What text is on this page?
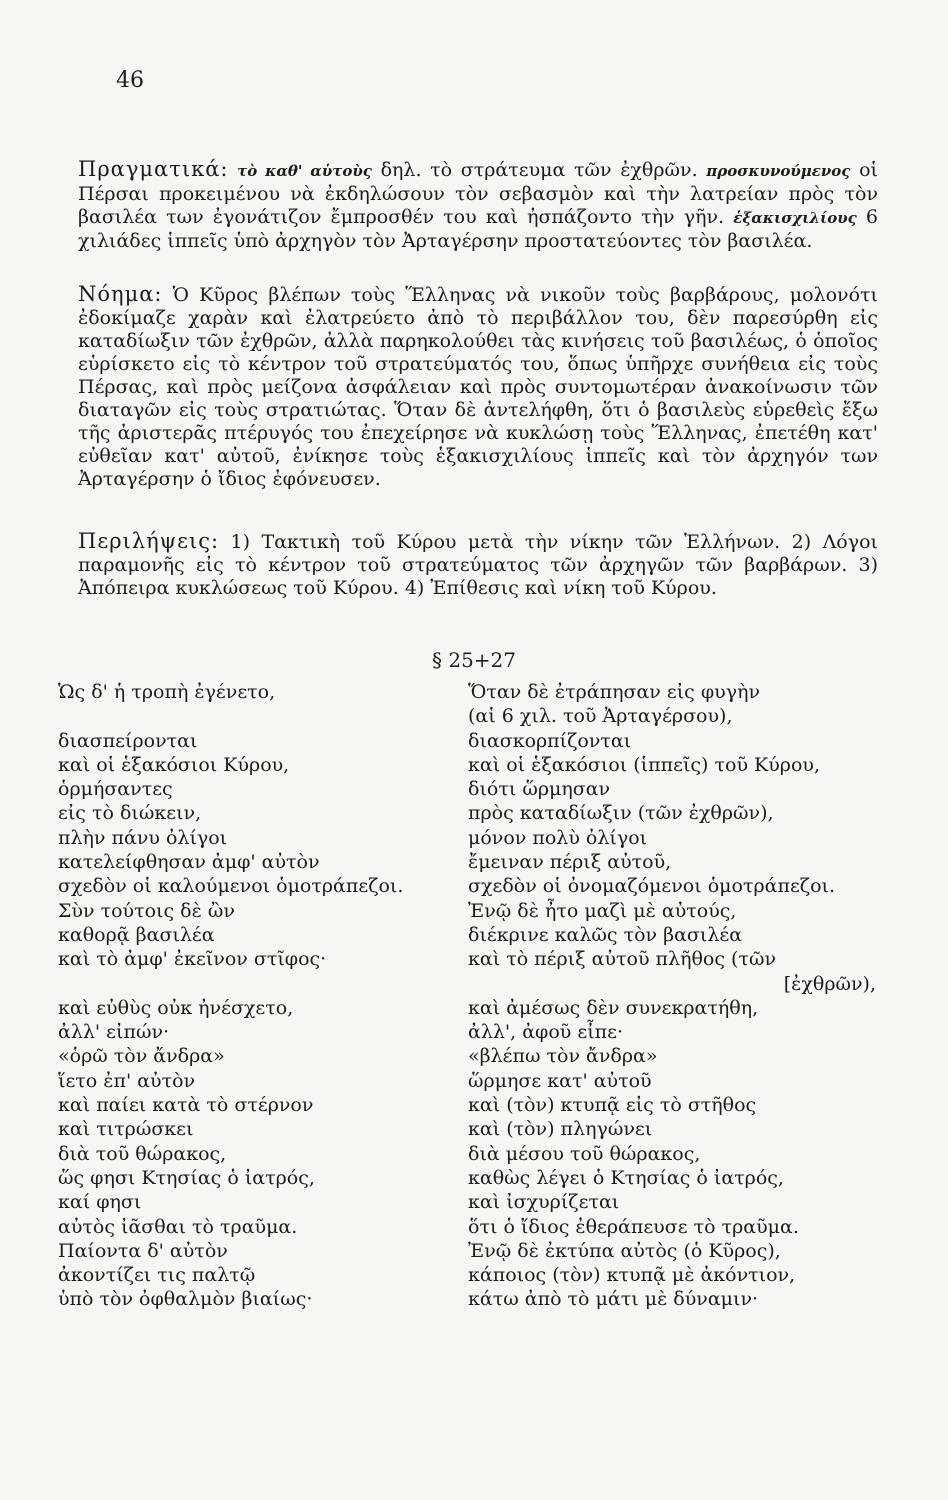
46
Πραγματικά: τὸ καθ' αὑτοὺς δηλ. τὸ στράτευμα τῶν ἐχθρῶν. προσκυνούμενος οἱ Πέρσαι προκειμένου νὰ ἐκδηλώσουν τὸν σεβασμὸν καὶ τὴν λατρείαν πρὸς τὸν βασιλέα των ἐγονάτιζον ἔμπροσθέν του καὶ ἠσπάζοντο τὴν γῆν. ἑξακισχιλίους 6 χιλιάδες ἱππεῖς ὑπὸ ἀρχηγὸν τὸν Ἀρταγέρσην προστατεύοντες τὸν βασιλέα.
Νόημα: Ὁ Κῦρος βλέπων τοὺς Ἕλληνας νὰ νικοῦν τοὺς βαρβάρους, μολονότι ἐδοκίμαζε χαρὰν καὶ ἐλατρεύετο ἀπὸ τὸ περιβάλλον του, δὲν παρεσύρθη εἰς καταδίωξιν τῶν ἐχθρῶν, ἀλλὰ παρηκολούθει τὰς κινήσεις τοῦ βασιλέως, ὁ ὁποῖος εὑρίσκετο εἰς τὸ κέντρον τοῦ στρατεύματός του, ὅπως ὑπῆρχε συνήθεια εἰς τοὺς Πέρσας, καὶ πρὸς μείζονα ἀσφάλειαν καὶ πρὸς συντομωτέραν ἀνακοίνωσιν τῶν διαταγῶν εἰς τοὺς στρατιώτας. Ὅταν δὲ ἀντελήφθη, ὅτι ὁ βασιλεὺς εὑρεθεὶς ἔξω τῆς ἀριστερᾶς πτέρυγός του ἐπεχείρησε νὰ κυκλώσῃ τοὺς Ἕλληνας, ἐπετέθη κατ' εὐθεῖαν κατ' αὐτοῦ, ἐνίκησε τοὺς ἑξακισχιλίους ἱππεῖς καὶ τὸν ἀρχηγόν των Ἀρταγέρσην ὁ ἴδιος ἐφόνευσεν.
Περιλήψεις: 1) Τακτικὴ τοῦ Κύρου μετὰ τὴν νίκην τῶν Ἑλλήνων. 2) Λόγοι παραμονῆς εἰς τὸ κέντρον τοῦ στρατεύματος τῶν ἀρχηγῶν τῶν βαρβάρων. 3) Ἀπόπειρα κυκλώσεως τοῦ Κύρου. 4) Ἐπίθεσις καὶ νίκη τοῦ Κύρου.
§ 25+27
Ὡς δ' ἡ τροπὴ ἐγένετο,
διασπείρονται
καὶ οἱ ἑξακόσιοι Κύρου,
ὁρμήσαντες
εἰς τὸ διώκειν,
πλὴν πάνυ ὀλίγοι
κατελείφθησαν ἀμφ' αὐτὸν
σχεδὸν οἱ καλούμενοι ὁμοτράπεζοι.
Σὺν τούτοις δὲ ὢν
καθορᾷ βασιλέα
καὶ τὸ ἀμφ' ἐκεῖνον στῖφος·
καὶ εὐθὺς οὐκ ἠνέσχετο,
ἀλλ' εἰπών·
«ὁρῶ τὸν ἄνδρα»
ἵετο ἐπ' αὐτὸν
καὶ παίει κατὰ τὸ στέρνον
καὶ τιτρώσκει
διὰ τοῦ θώρακος,
ὥς φησι Κτησίας ὁ ἰατρός,
καί φησι
αὐτὸς ἰᾶσθαι τὸ τραῦμα.
Παίοντα δ' αὐτὸν
ἀκοντίζει τις παλτῷ
ὑπὸ τὸν ὀφθαλμὸν βιαίως·
Ὅταν δὲ ἐτράπησαν εἰς φυγὴν
(αἱ 6 χιλ. τοῦ Ἀρταγέρσου),
διασκορπίζονται
καὶ οἱ ἑξακόσιοι (ἱππεῖς) τοῦ Κύρου,
διότι ὥρμησαν
πρὸς καταδίωξιν (τῶν ἐχθρῶν),
μόνον πολὺ ὀλίγοι
ἔμειναν πέριξ αὐτοῦ,
σχεδὸν οἱ ὀνομαζόμενοι ὁμοτράπεζοι.
Ἐνῷ δὲ ἦτο μαζὶ μὲ αὐτούς,
διέκρινε καλῶς τὸν βασιλέα
καὶ τὸ πέριξ αὐτοῦ πλῆθος (τῶν
[ἐχθρῶν),
καὶ ἀμέσως δὲν συνεκρατήθη,
ἀλλ', ἀφοῦ εἶπε·
«βλέπω τὸν ἄνδρα»
ὥρμησε κατ' αὐτοῦ
καὶ (τὸν) κτυπᾷ εἰς τὸ στῆθος
καὶ (τὸν) πληγώνει
διὰ μέσου τοῦ θώρακος,
καθὼς λέγει ὁ Κτησίας ὁ ἰατρός,
καὶ ἰσχυρίζεται
ὅτι ὁ ἴδιος ἐθεράπευσε τὸ τραῦμα.
Ἐνῷ δὲ ἐκτύπα αὐτὸς (ὁ Κῦρος),
κάποιος (τὸν) κτυπᾷ μὲ ἀκόντιον,
κάτω ἀπὸ τὸ μάτι μὲ δύναμιν·
